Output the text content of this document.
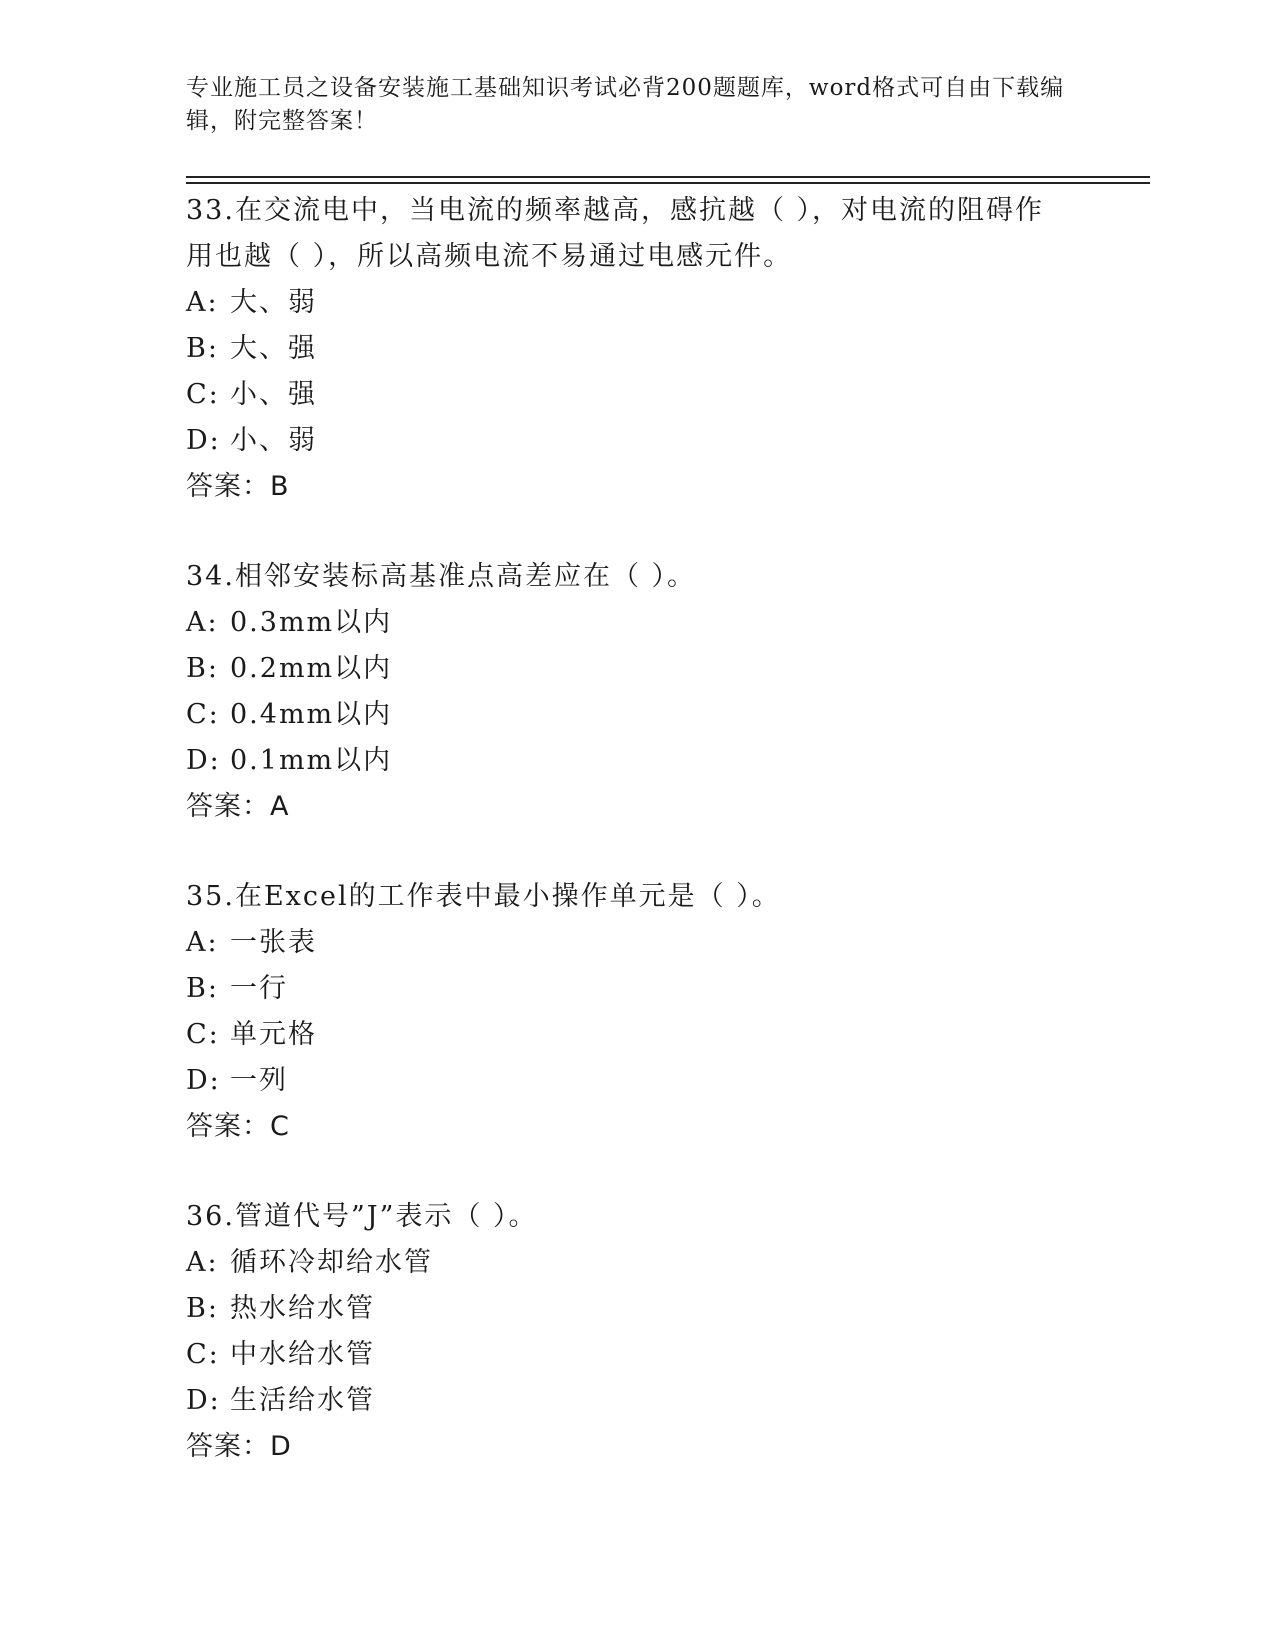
专业施工员之设备安装施工基础知识考试必背200题题库，word格式可自由下载编辑，附完整答案！
33.在交流电中，当电流的频率越高，感抗越（ ），对电流的阻碍作用也越（ ），所以高频电流不易通过电感元件。
A: 大、弱
B: 大、强
C: 小、强
D: 小、弱
答案：B
34.相邻安装标高基准点高差应在（ ）。
A: 0.3mm以内
B: 0.2mm以内
C: 0.4mm以内
D: 0.1mm以内
答案：A
35.在Excel的工作表中最小操作单元是（ ）。
A: 一张表
B: 一行
C: 单元格
D: 一列
答案：C
36.管道代号”J”表示（ ）。
A: 循环冷却给水管
B: 热水给水管
C: 中水给水管
D: 生活给水管
答案：D
